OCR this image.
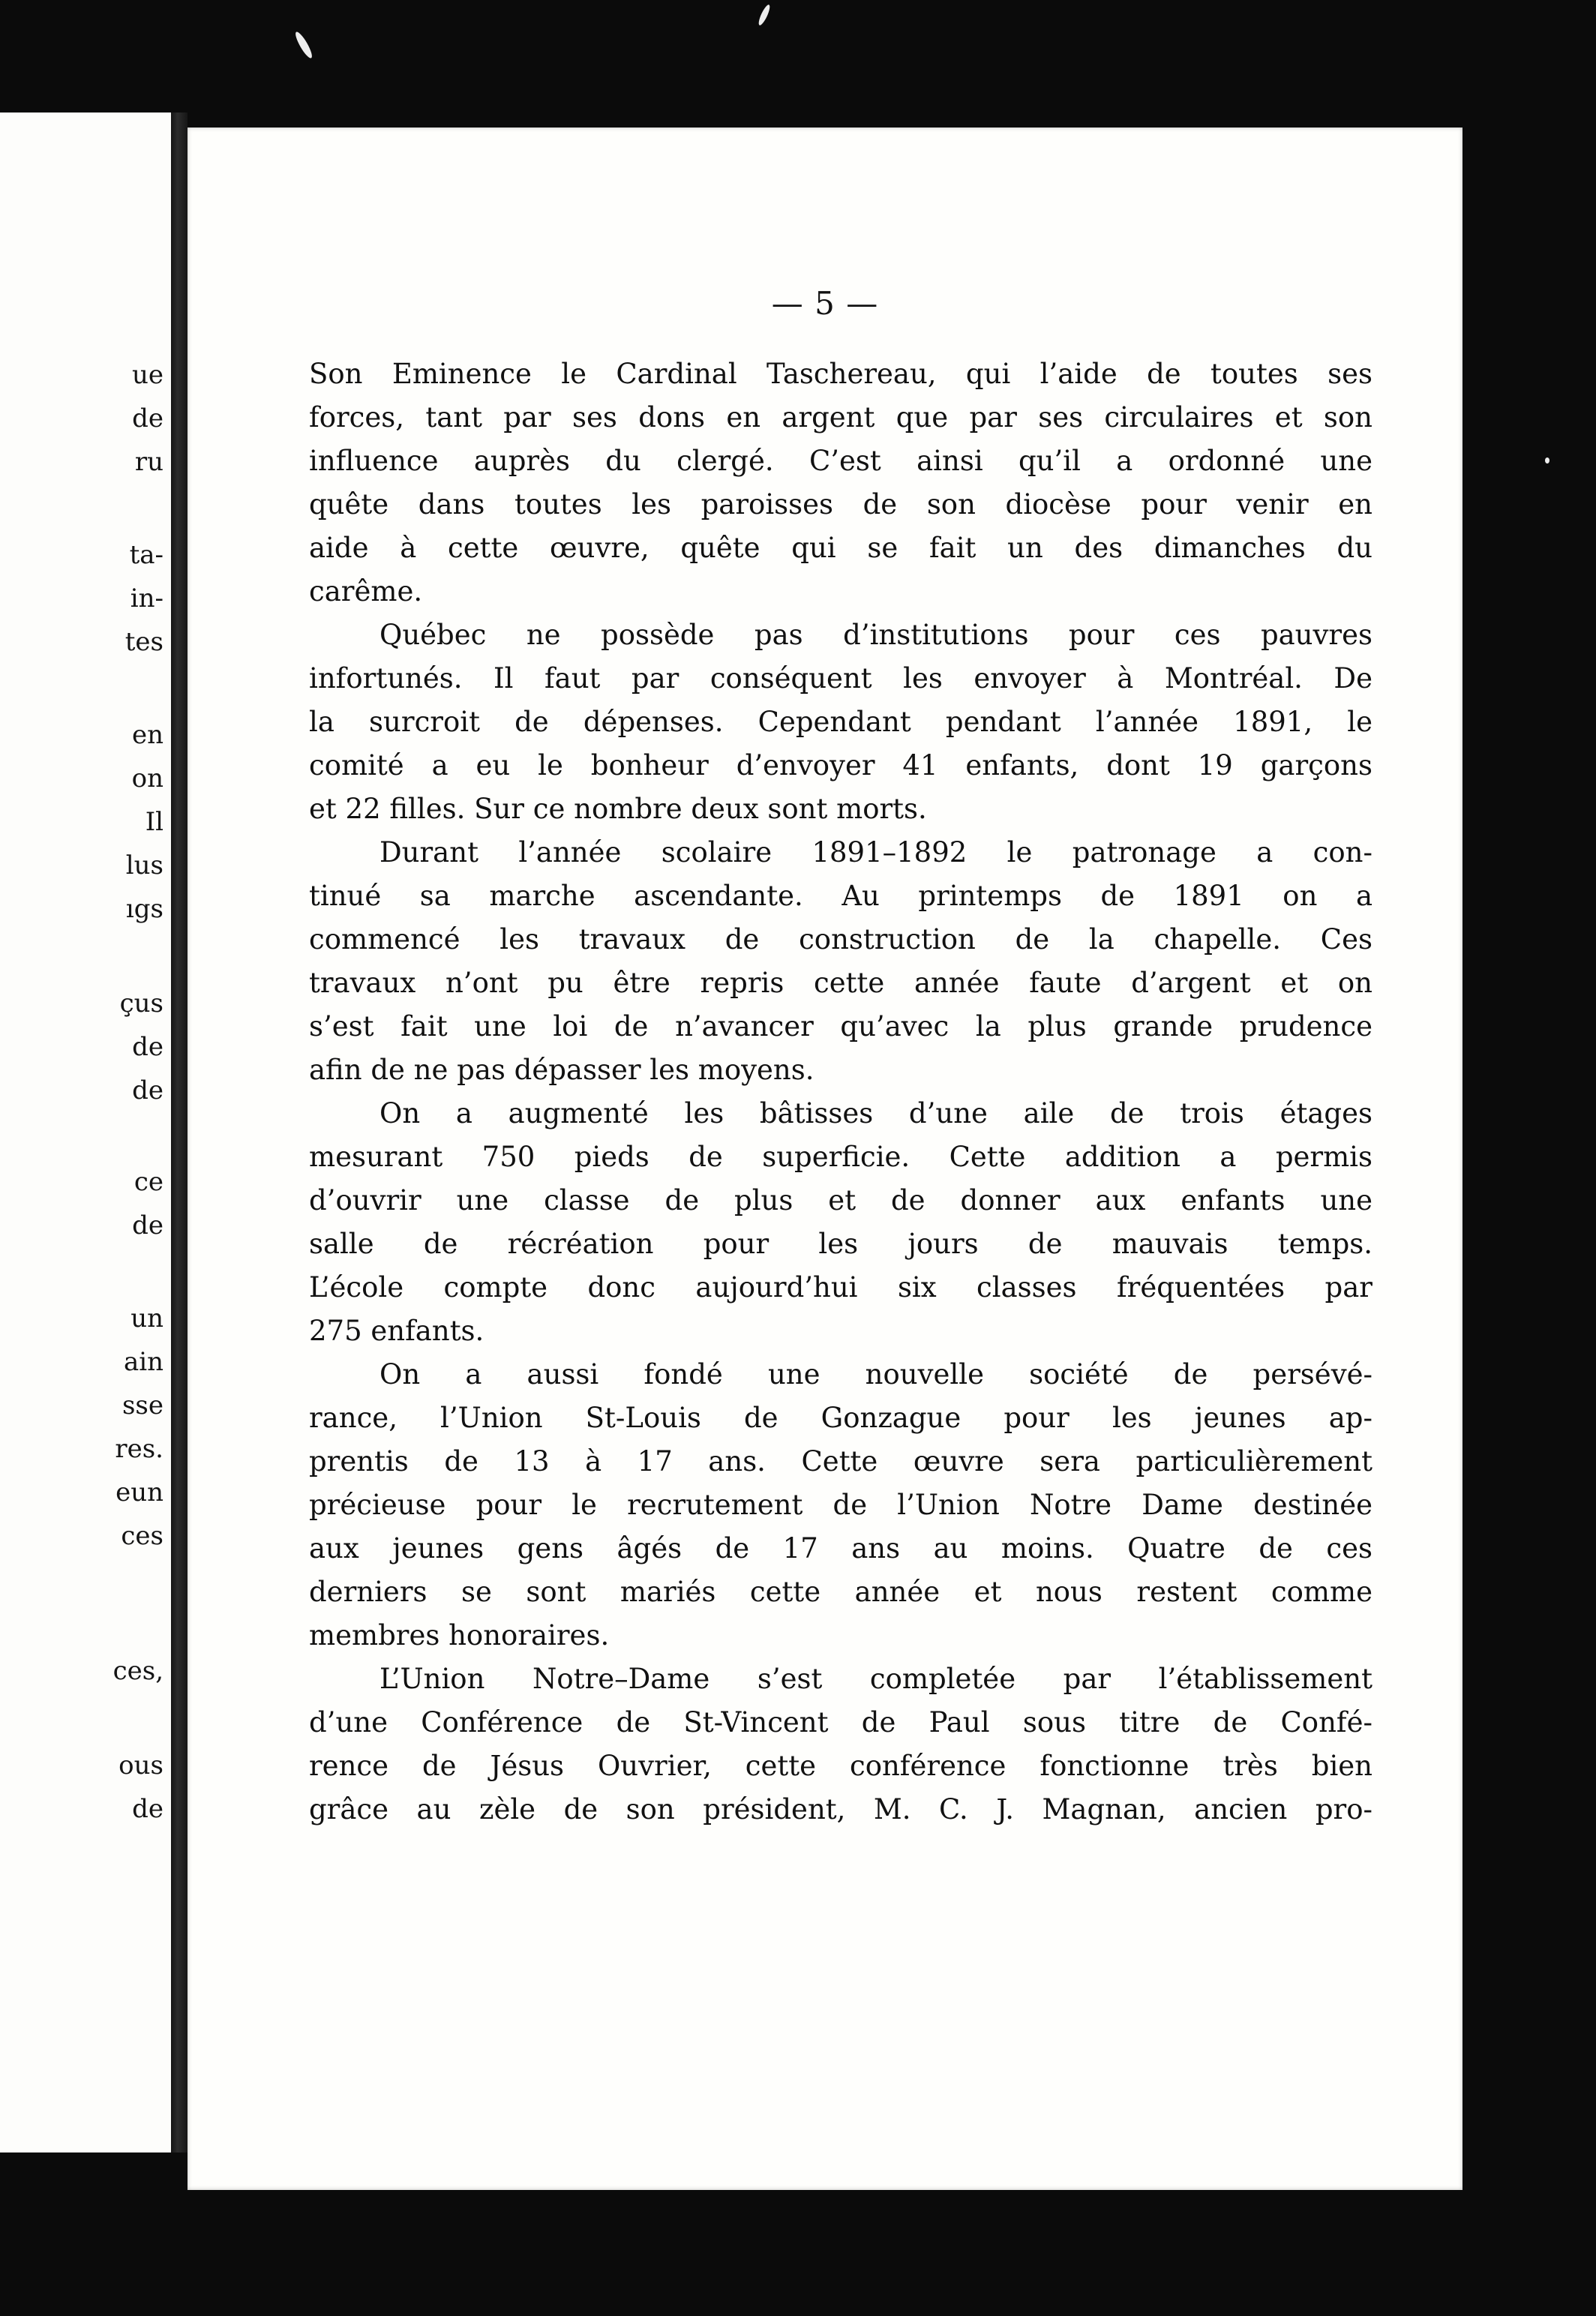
ue
de
ru
ta-
in-
tes
en
on
Il
lus
ıgs
çus
de
de
ce
de
un
ain
sse
res.
eun
ces
ces,
ous
de
— 5 —
Son Eminence le Cardinal Taschereau, qui l’aide de toutes ses
forces, tant par ses dons en argent que par ses circulaires et son
influence auprès du clergé. C’est ainsi qu’il a ordonné une
quête dans toutes les paroisses de son diocèse pour venir en
aide à cette œuvre, quête qui se fait un des dimanches du
carême.
Québec ne possède pas d’institutions pour ces pauvres
infortunés. Il faut par conséquent les envoyer à Montréal. De
la surcroit de dépenses. Cependant pendant l’année 1891, le
comité a eu le bonheur d’envoyer 41 enfants, dont 19 garçons
et 22 filles. Sur ce nombre deux sont morts.
Durant l’année scolaire 1891–1892 le patronage a con-
tinué sa marche ascendante. Au printemps de 1891 on a
commencé les travaux de construction de la chapelle. Ces
travaux n’ont pu être repris cette année faute d’argent et on
s’est fait une loi de n’avancer qu’avec la plus grande prudence
afin de ne pas dépasser les moyens.
On a augmenté les bâtisses d’une aile de trois étages
mesurant 750 pieds de superficie. Cette addition a permis
d’ouvrir une classe de plus et de donner aux enfants une
salle de récréation pour les jours de mauvais temps.
L’école compte donc aujourd’hui six classes fréquentées par
275 enfants.
On a aussi fondé une nouvelle société de persévé-
rance, l’Union St-Louis de Gonzague pour les jeunes ap-
prentis de 13 à 17 ans. Cette œuvre sera particulièrement
précieuse pour le recrutement de l’Union Notre Dame destinée
aux jeunes gens âgés de 17 ans au moins. Quatre de ces
derniers se sont mariés cette année et nous restent comme
membres honoraires.
L’Union Notre–Dame s’est completée par l’établissement
d’une Conférence de St-Vincent de Paul sous titre de Confé-
rence de Jésus Ouvrier, cette conférence fonctionne très bien
grâce au zèle de son président, M. C. J. Magnan, ancien pro-
